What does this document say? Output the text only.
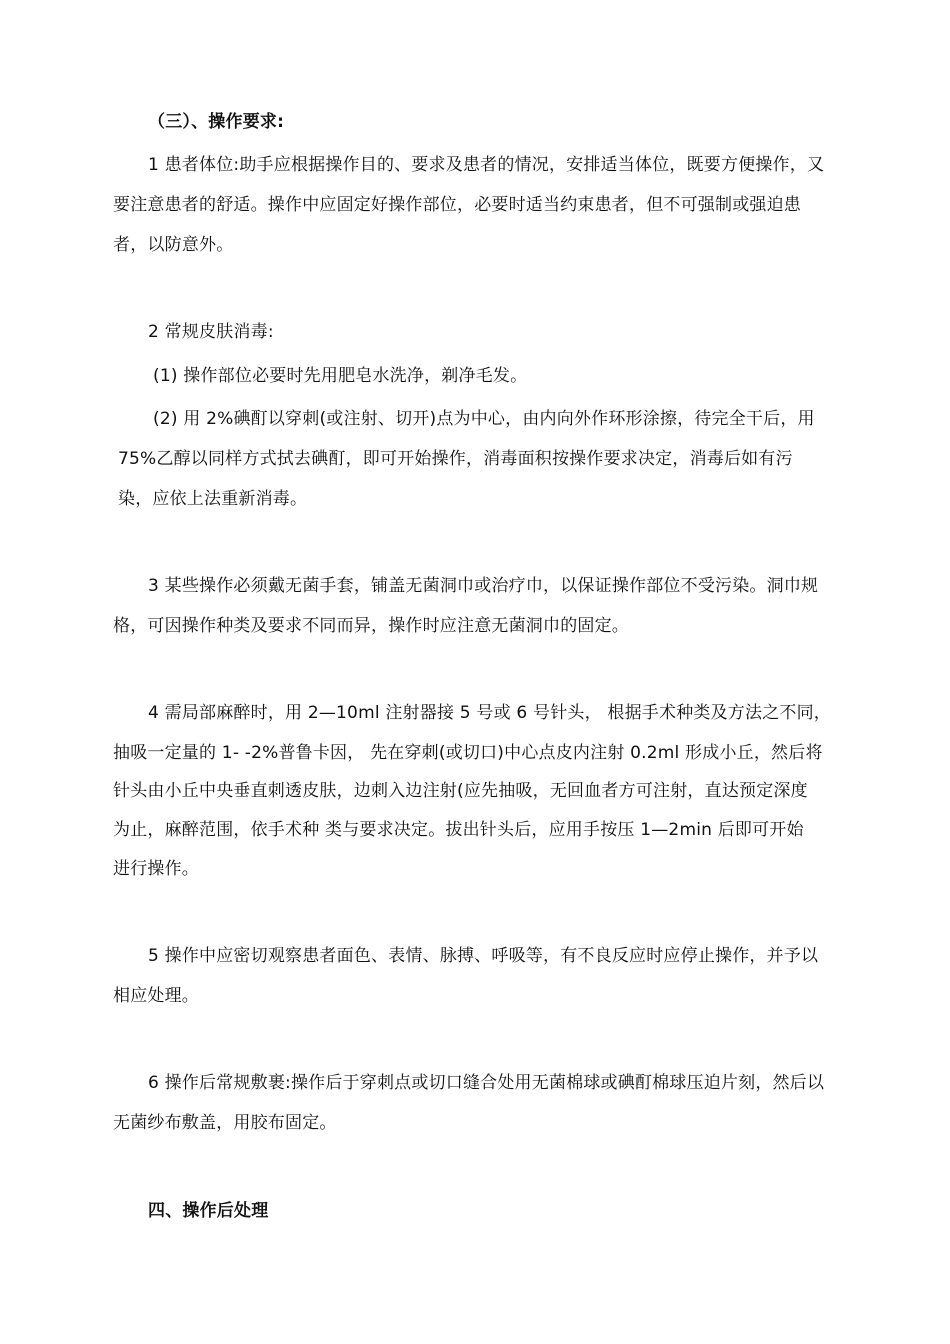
（三）、操作要求:
1 患者体位:助手应根据操作目的、要求及患者的情况，安排适当体位，既要方便操作，又
要注意患者的舒适。操作中应固定好操作部位，必要时适当约束患者，但不可强制或强迫患
者，以防意外。
2 常规皮肤消毒:
(1) 操作部位必要时先用肥皂水洗净，剃净毛发。
(2) 用 2%碘酊以穿刺(或注射、切开)点为中心，由内向外作环形涂擦，待完全干后，用
75%乙醇以同样方式拭去碘酊，即可开始操作，消毒面积按操作要求决定，消毒后如有污
染，应依上法重新消毒。
3 某些操作必须戴无菌手套，铺盖无菌洞巾或治疗巾，以保证操作部位不受污染。洞巾规
格，可因操作种类及要求不同而异，操作时应注意无菌洞巾的固定。
4 需局部麻醉时，用 2—10ml 注射器接 5 号或 6 号针头， 根据手术种类及方法之不同，
抽吸一定量的 1- -2%普鲁卡因， 先在穿刺(或切口)中心点皮内注射 0.2ml 形成小丘，然后将
针头由小丘中央垂直刺透皮肤，边刺入边注射(应先抽吸，无回血者方可注射，直达预定深度
为止，麻醉范围，依手术种 类与要求决定。拔出针头后，应用手按压 1—2min 后即可开始
进行操作。
5 操作中应密切观察患者面色、表情、脉搏、呼吸等，有不良反应时应停止操作，并予以
相应处理。
6 操作后常规敷裹:操作后于穿刺点或切口缝合处用无菌棉球或碘酊棉球压迫片刻，然后以
无菌纱布敷盖，用胶布固定。
四、操作后处理
